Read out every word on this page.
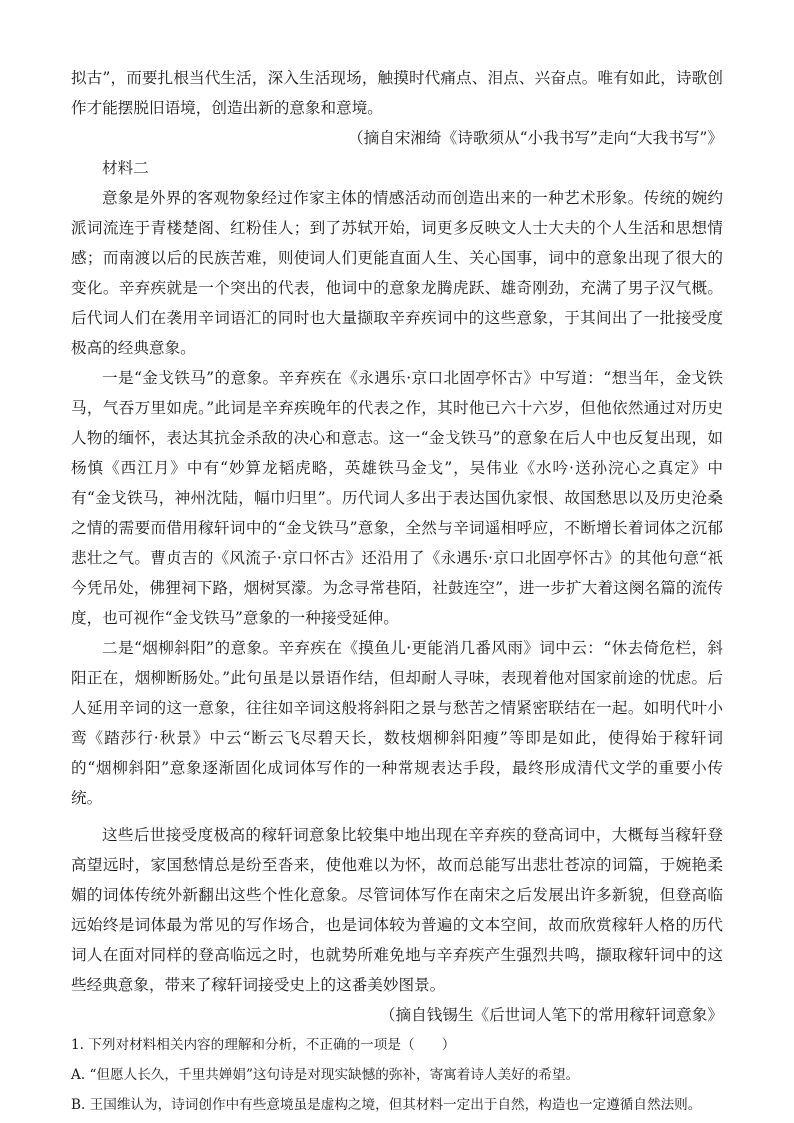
拟古”，而要扎根当代生活，深入生活现场，触摸时代痛点、泪点、兴奋点。唯有如此，诗歌创作才能摆脱旧语境，创造出新的意象和意境。

（摘自宋湘绮《诗歌须从“小我书写”走向“大我书写”》

材料二

意象是外界的客观物象经过作家主体的情感活动而创造出来的一种艺术形象。传统的婉约派词流连于青楼楚阁、红粉佳人；到了苏轼开始，词更多反映文人士大夫的个人生活和思想情感；而南渡以后的民族苦难，则使词人们更能直面人生、关心国事，词中的意象出现了很大的变化。辛弃疾就是一个突出的代表，他词中的意象龙腾虎跃、雄奇刚劲，充满了男子汉气概。后代词人们在袭用辛词语汇的同时也大量撷取辛弃疾词中的这些意象，于其间出了一批接受度极高的经典意象。

一是“金戈铁马”的意象。辛弃疾在《永遇乐·京口北固亭怀古》中写道：“想当年，金戈铁马，气吞万里如虎。”此词是辛弃疾晚年的代表之作，其时他已六十六岁，但他依然通过对历史人物的缅怀，表达其抗金杀敌的决心和意志。这一“金戈铁马”的意象在后人中也反复出现，如杨慎《西江月》中有“妙算龙韬虎略，英雄铁马金戈”，吴伟业《水吟·送孙浣心之真定》中有“金戈铁马，神州沈陆，幅巾归里”。历代词人多出于表达国仇家恨、故国愁思以及历史沧桑之情的需要而借用稼轩词中的“金戈铁马”意象，全然与辛词遥相呼应，不断增长着词体之沉郁悲壮之气。曹贞吉的《风流子·京口怀古》还沿用了《永遇乐·京口北固亭怀古》的其他句意“祇今凭吊处，佛狸祠下路，烟树冥濛。为念寻常巷陌，社鼓连空”，进一步扩大着这阕名篇的流传度，也可视作“金戈铁马”意象的一种接受延伸。

二是“烟柳斜阳”的意象。辛弃疾在《摸鱼儿·更能消几番风雨》词中云：“休去倚危栏，斜阳正在，烟柳断肠处。”此句虽是以景语作结，但却耐人寻味，表现着他对国家前途的忧虑。后人延用辛词的这一意象，往往如辛词这般将斜阳之景与愁苦之情紧密联结在一起。如明代叶小鸾《踏莎行·秋景》中云“断云飞尽碧天长，数枝烟柳斜阳瘦”等即是如此，使得始于稼轩词的“烟柳斜阳”意象逐渐固化成词体写作的一种常规表达手段，最终形成清代文学的重要小传统。

这些后世接受度极高的稼轩词意象比较集中地出现在辛弃疾的登高词中，大概每当稼轩登高望远时，家国愁情总是纷至沓来，使他难以为怀，故而总能写出悲壮苍凉的词篇，于婉艳柔媚的词体传统外新翻出这些个性化意象。尽管词体写作在南宋之后发展出许多新貌，但登高临远始终是词体最为常见的写作场合，也是词体较为普遍的文本空间，故而欣赏稼轩人格的历代词人在面对同样的登高临远之时，也就势所难免地与辛弃疾产生强烈共鸣，撷取稼轩词中的这些经典意象，带来了稼轩词接受史上的这番美妙图景。

（摘自钱锡生《后世词人笔下的常用稼轩词意象》

1. 下列对材料相关内容的理解和分析，不正确的一项是（　　）

A. “但愿人长久，千里共婵娟”这句诗是对现实缺憾的弥补，寄寓着诗人美好的希望。

B. 王国维认为，诗词创作中有些意境虽是虚构之境，但其材料一定出于自然，构造也一定遵循自然法则。
